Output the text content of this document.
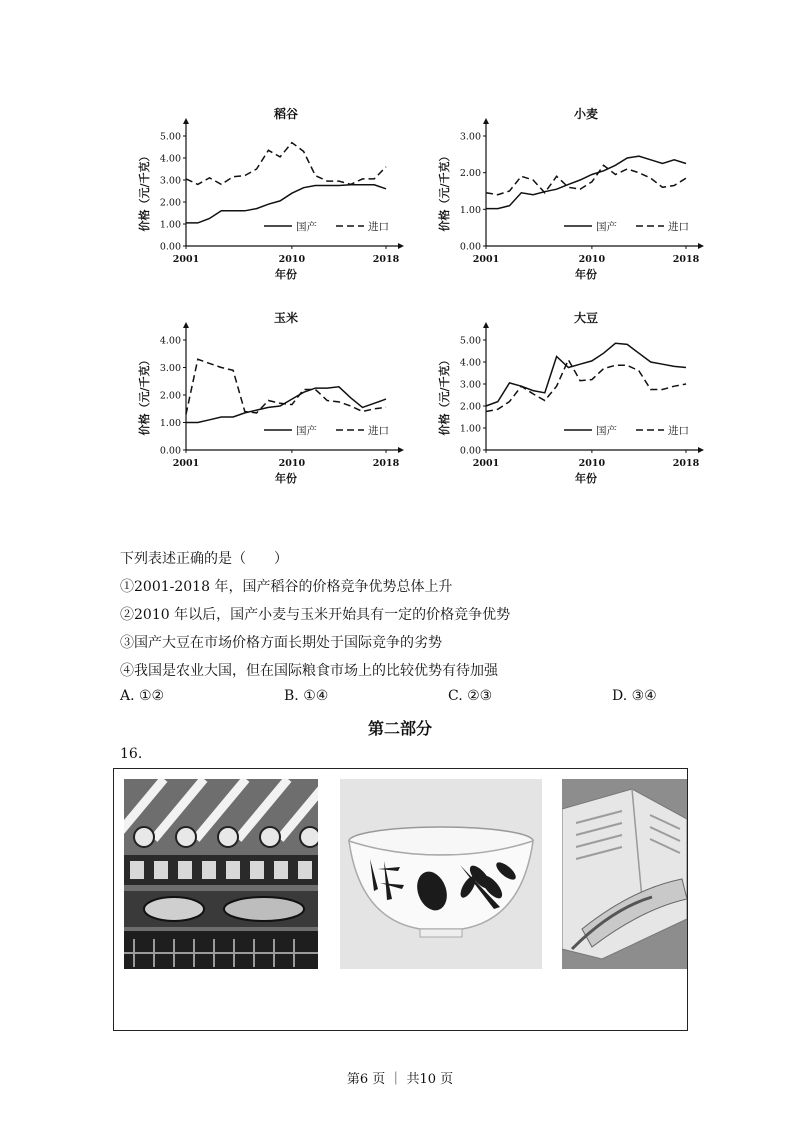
稻谷
0.00
1.00
2.00
3.00
4.00
5.00
2001	2010	2018
年份
价格（元/千克）	国产	进口
小麦
0.00
1.00
2.00
3.00
2001	2010	2018
年份
价格（元/千克）	国产	进口
玉米
0.00
1.00
2.00
3.00
4.00
2001	2010	2018
年份
价格（元/千克）	国产	进口
大豆
0.00
1.00
2.00
3.00
4.00
5.00
2001	2010	2018
年份
价格（元/千克）	国产	进口
下列表述正确的是（　　）
①2001-2018 年，国产稻谷的价格竞争优势总体上升
②2010 年以后，国产小麦与玉米开始具有一定的价格竞争优势
③国产大豆在市场价格方面长期处于国际竞争的劣势
④我国是农业大国，但在国际粮食市场上的比较优势有待加强
A. ①②	B. ①④	C. ②③	D. ③④
第二部分
16.
第6 页 ｜ 共10 页
